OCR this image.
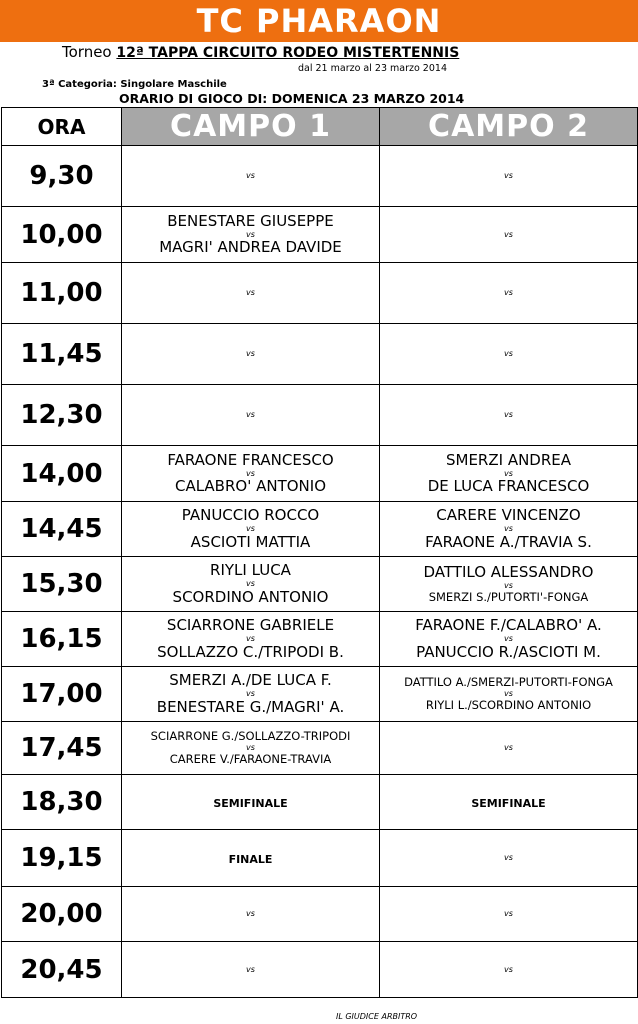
TC PHARAON
Torneo 12ª TAPPA CIRCUITO RODEO MISTERTENNIS
dal 21 marzo al 23 marzo 2014
3ª Categoria: Singolare Maschile
ORARIO DI GIOCO DI: DOMENICA 23 MARZO 2014
ORA	CAMPO 1	CAMPO 2
9,30	vs	vs

10,00	BENESTARE GIUSEPPE
vs
MAGRI' ANDREA DAVIDE	vs

11,00	vs	vs

11,45	vs	vs

12,30	vs	vs

14,00	FARAONE FRANCESCO
vs
CALABRO' ANTONIO	SMERZI ANDREA
vs
DE LUCA FRANCESCO

14,45	PANUCCIO ROCCO
vs
ASCIOTI MATTIA	CARERE VINCENZO
vs
FARAONE A./TRAVIA S.

15,30	RIYLI LUCA
vs
SCORDINO ANTONIO	DATTILO ALESSANDRO
vs
SMERZI S./PUTORTI'-FONGA

16,15	SCIARRONE GABRIELE
vs
SOLLAZZO C./TRIPODI B.	FARAONE F./CALABRO' A.
vs
PANUCCIO R./ASCIOTI M.

17,00	SMERZI A./DE LUCA F.
vs
BENESTARE G./MAGRI' A.	DATTILO A./SMERZI-PUTORTI-FONGA
vs
RIYLI L./SCORDINO ANTONIO

17,45	SCIARRONE G./SOLLAZZO-TRIPODI
vs
CARERE V./FARAONE-TRAVIA	vs

18,30	SEMIFINALE	SEMIFINALE
19,15	FINALE	vs

20,00	vs	vs

20,45	vs	vs
IL GIUDICE ARBITRO
